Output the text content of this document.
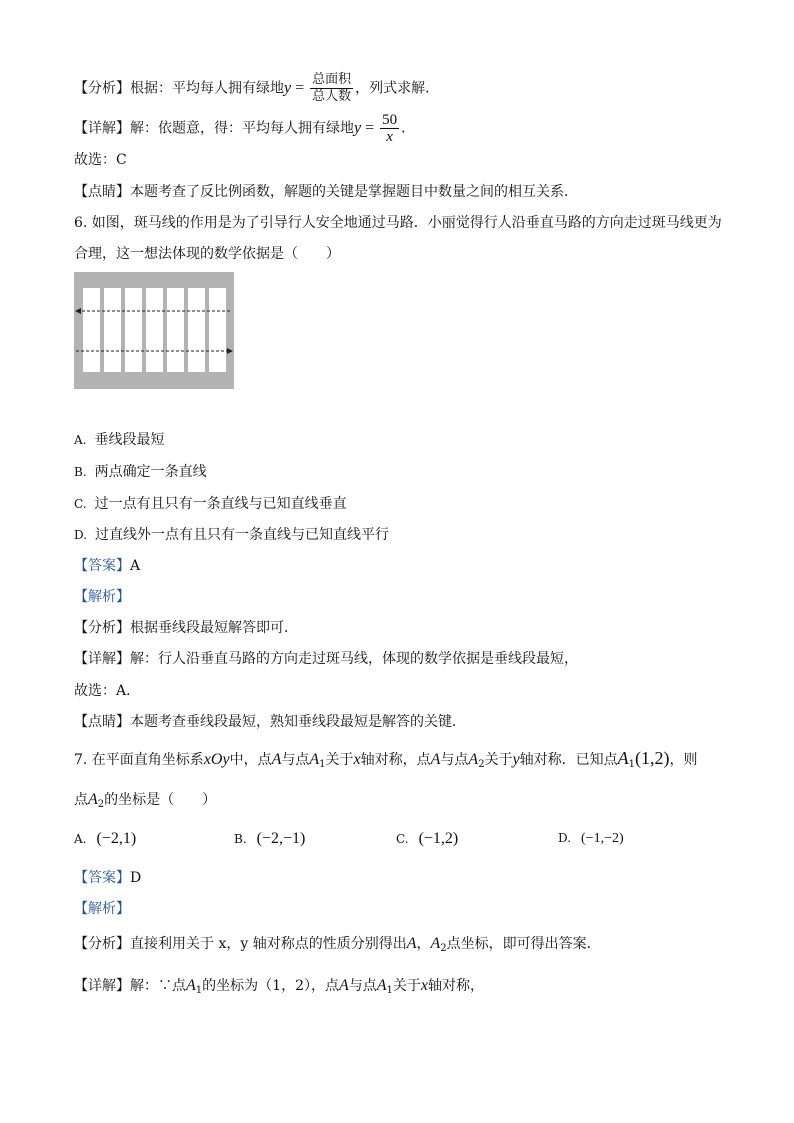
【分析】根据：平均每人拥有绿地$y = \frac{\text{总面积}}{\text{总人数}}$ ，列式求解．
【详解】解：依题意，得：平均每人拥有绿地$y = \frac{50}{x}$ ．
故选：C
【点睛】本题考查了反比例函数，解题的关键是掌握题目中数量之间的相互关系．
6. 如图，斑马线的作用是为了引导行人安全地通过马路．小丽觉得行人沿垂直马路的方向走过斑马线更为
合理，这一想法体现的数学依据是（　　）
A. 垂线段最短
B. 两点确定一条直线
C. 过一点有且只有一条直线与已知直线垂直
D. 过直线外一点有且只有一条直线与已知直线平行
【答案】A
【解析】
【分析】根据垂线段最短解答即可．
【详解】解：行人沿垂直马路的方向走过斑马线，体现的数学依据是垂线段最短，
故选：A．
【点睛】本题考查垂线段最短，熟知垂线段最短是解答的关键．
7. 在平面直角坐标系xOy中，点A与点$A_1$关于x轴对称，点A与点$A_2$关于y轴对称．已知点$A_1(1,2)$，则
点$A_2$的坐标是（　　）
A. (−2,1)	B. (−2,−1)	C. (−1,2)	D. (−1,−2)
【答案】D
【解析】
【分析】直接利用关于 x，y 轴对称点的性质分别得出A，$A_2$点坐标，即可得出答案．
【详解】解：∵点$A_1$的坐标为（1，2），点A与点$A_1$关于x轴对称，
